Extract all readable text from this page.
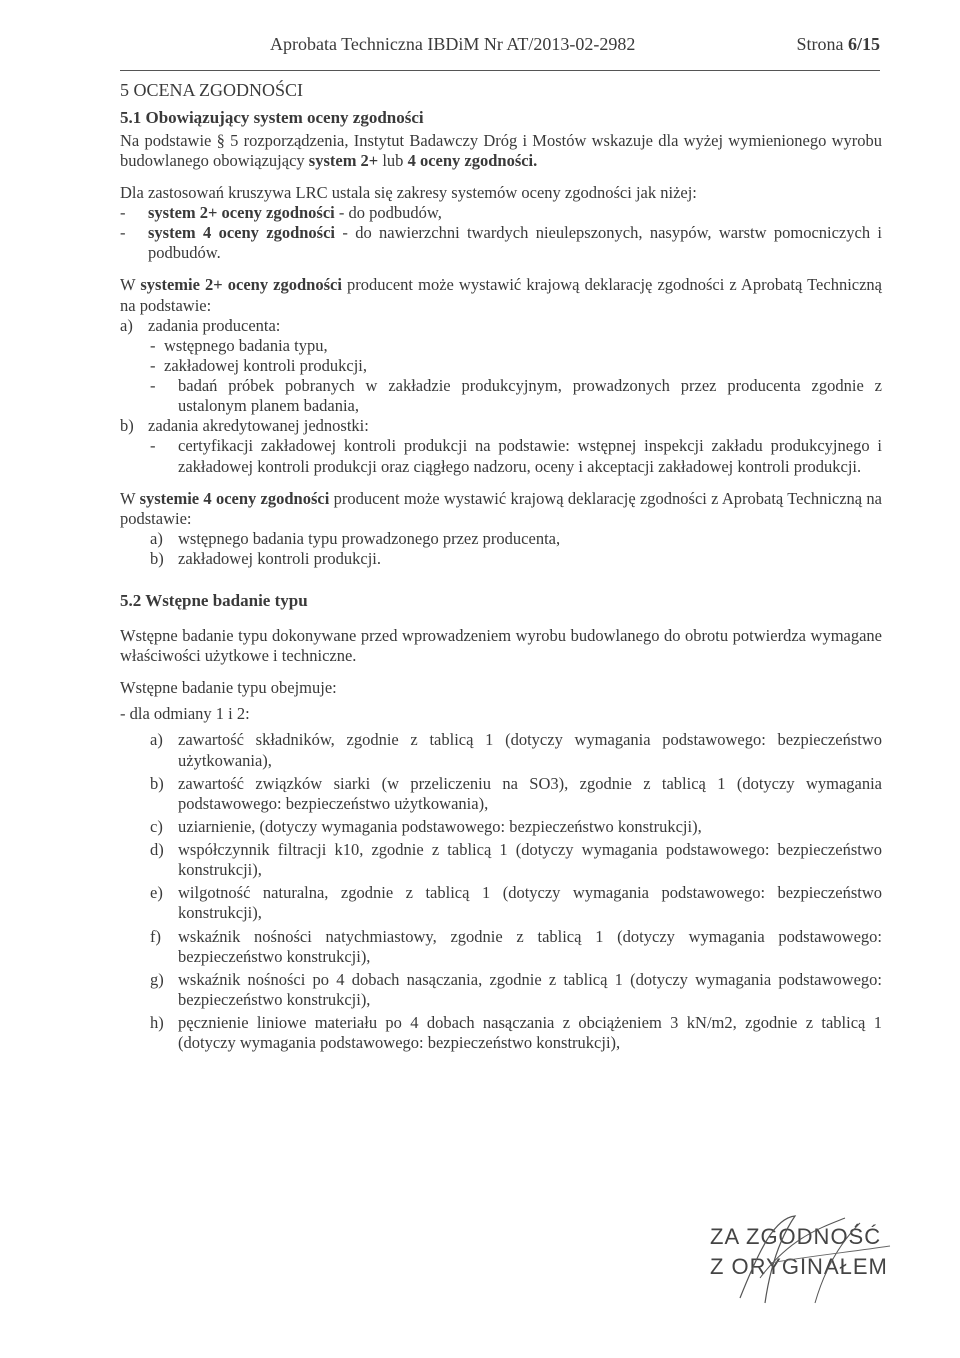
Aprobata Techniczna IBDiM Nr AT/2013-02-2982	Strona 6/15

5 OCENA ZGODNOŚCI

5.1 Obowiązujący system oceny zgodności

Na podstawie § 5 rozporządzenia, Instytut Badawczy Dróg i Mostów wskazuje dla wyżej wymienionego wyrobu budowlanego obowiązujący system 2+ lub 4 oceny zgodności.

Dla zastosowań kruszywa LRC ustala się zakresy systemów oceny zgodności jak niżej:

- system 2+ oceny zgodności - do podbudów,
- system 4 oceny zgodności - do nawierzchni twardych nieulepszonych, nasypów, warstw pomocniczych i podbudów.

W systemie 2+ oceny zgodności producent może wystawić krajową deklarację zgodności z Aprobatą Techniczną na podstawie:

a) zadania producenta:
- wstępnego badania typu,
- zakładowej kontroli produkcji,
- badań próbek pobranych w zakładzie produkcyjnym, prowadzonych przez producenta zgodnie z ustalonym planem badania,
b) zadania akredytowanej jednostki:
- certyfikacji zakładowej kontroli produkcji na podstawie: wstępnej inspekcji zakładu produkcyjnego i zakładowej kontroli produkcji oraz ciągłego nadzoru, oceny i akceptacji zakładowej kontroli produkcji.

W systemie 4 oceny zgodności producent może wystawić krajową deklarację zgodności z Aprobatą Techniczną na podstawie:

a) wstępnego badania typu prowadzonego przez producenta,
b) zakładowej kontroli produkcji.

5.2 Wstępne badanie typu

Wstępne badanie typu dokonywane przed wprowadzeniem wyrobu budowlanego do obrotu potwierdza wymagane właściwości użytkowe i techniczne.

Wstępne badanie typu obejmuje:

- dla odmiany 1 i 2:

a) zawartość składników, zgodnie z tablicą 1 (dotyczy wymagania podstawowego: bezpieczeństwo użytkowania),
b) zawartość związków siarki (w przeliczeniu na SO3), zgodnie z tablicą 1 (dotyczy wymagania podstawowego: bezpieczeństwo użytkowania),
c) uziarnienie, (dotyczy wymagania podstawowego: bezpieczeństwo konstrukcji),
d) współczynnik filtracji k10, zgodnie z tablicą 1 (dotyczy wymagania podstawowego: bezpieczeństwo konstrukcji),
e) wilgotność naturalna, zgodnie z tablicą 1 (dotyczy wymagania podstawowego: bezpieczeństwo konstrukcji),
f) wskaźnik nośności natychmiastowy, zgodnie z tablicą 1 (dotyczy wymagania podstawowego: bezpieczeństwo konstrukcji),
g) wskaźnik nośności po 4 dobach nasączania, zgodnie z tablicą 1 (dotyczy wymagania podstawowego: bezpieczeństwo konstrukcji),
h) pęcznienie liniowe materiału po 4 dobach nasączania z obciążeniem 3 kN/m2, zgodnie z tablicą 1 (dotyczy wymagania podstawowego: bezpieczeństwo konstrukcji),
ZA ZGODNOŚĆ
Z ORYGINAŁEM
